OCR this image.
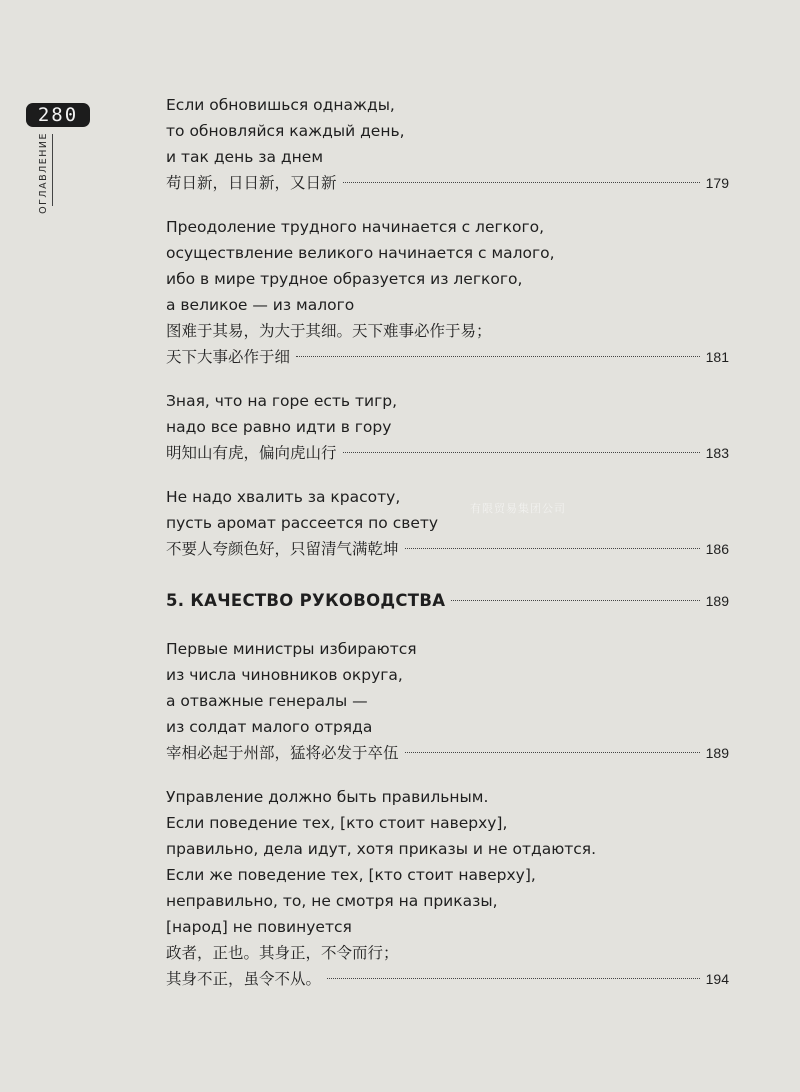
280
ОГЛАВЛЕНИЕ
Если обновишься однажды,
то обновляйся каждый день,
и так день за днем
苟日新，日日新，又日新	179
Преодоление трудного начинается с легкого,
осуществление великого начинается с малого,
ибо в мире трудное образуется из легкого,
а великое — из малого
图难于其易，为大于其细。天下难事必作于易；
天下大事必作于细	181
Зная, что на горе есть тигр,
надо все равно идти в гору
明知山有虎，偏向虎山行	183
Не надо хвалить за красоту,
пусть аромат рассеется по свету
不要人夸颜色好，只留清气满乾坤	186
5. КАЧЕСТВО РУКОВОДСТВА	189
Первые министры избираются
из числа чиновников округа,
а отважные генералы —
из солдат малого отряда
宰相必起于州部，猛将必发于卒伍	189
Управление должно быть правильным.
Если поведение тех, [кто стоит наверху],
правильно, дела идут, хотя приказы и не отдаются.
Если же поведение тех, [кто стоит наверху],
неправильно, то, не смотря на приказы,
[народ] не повинуется
政者，正也。其身正，不令而行；
其身不正，虽令不从。	194
有限贸易集团公司
